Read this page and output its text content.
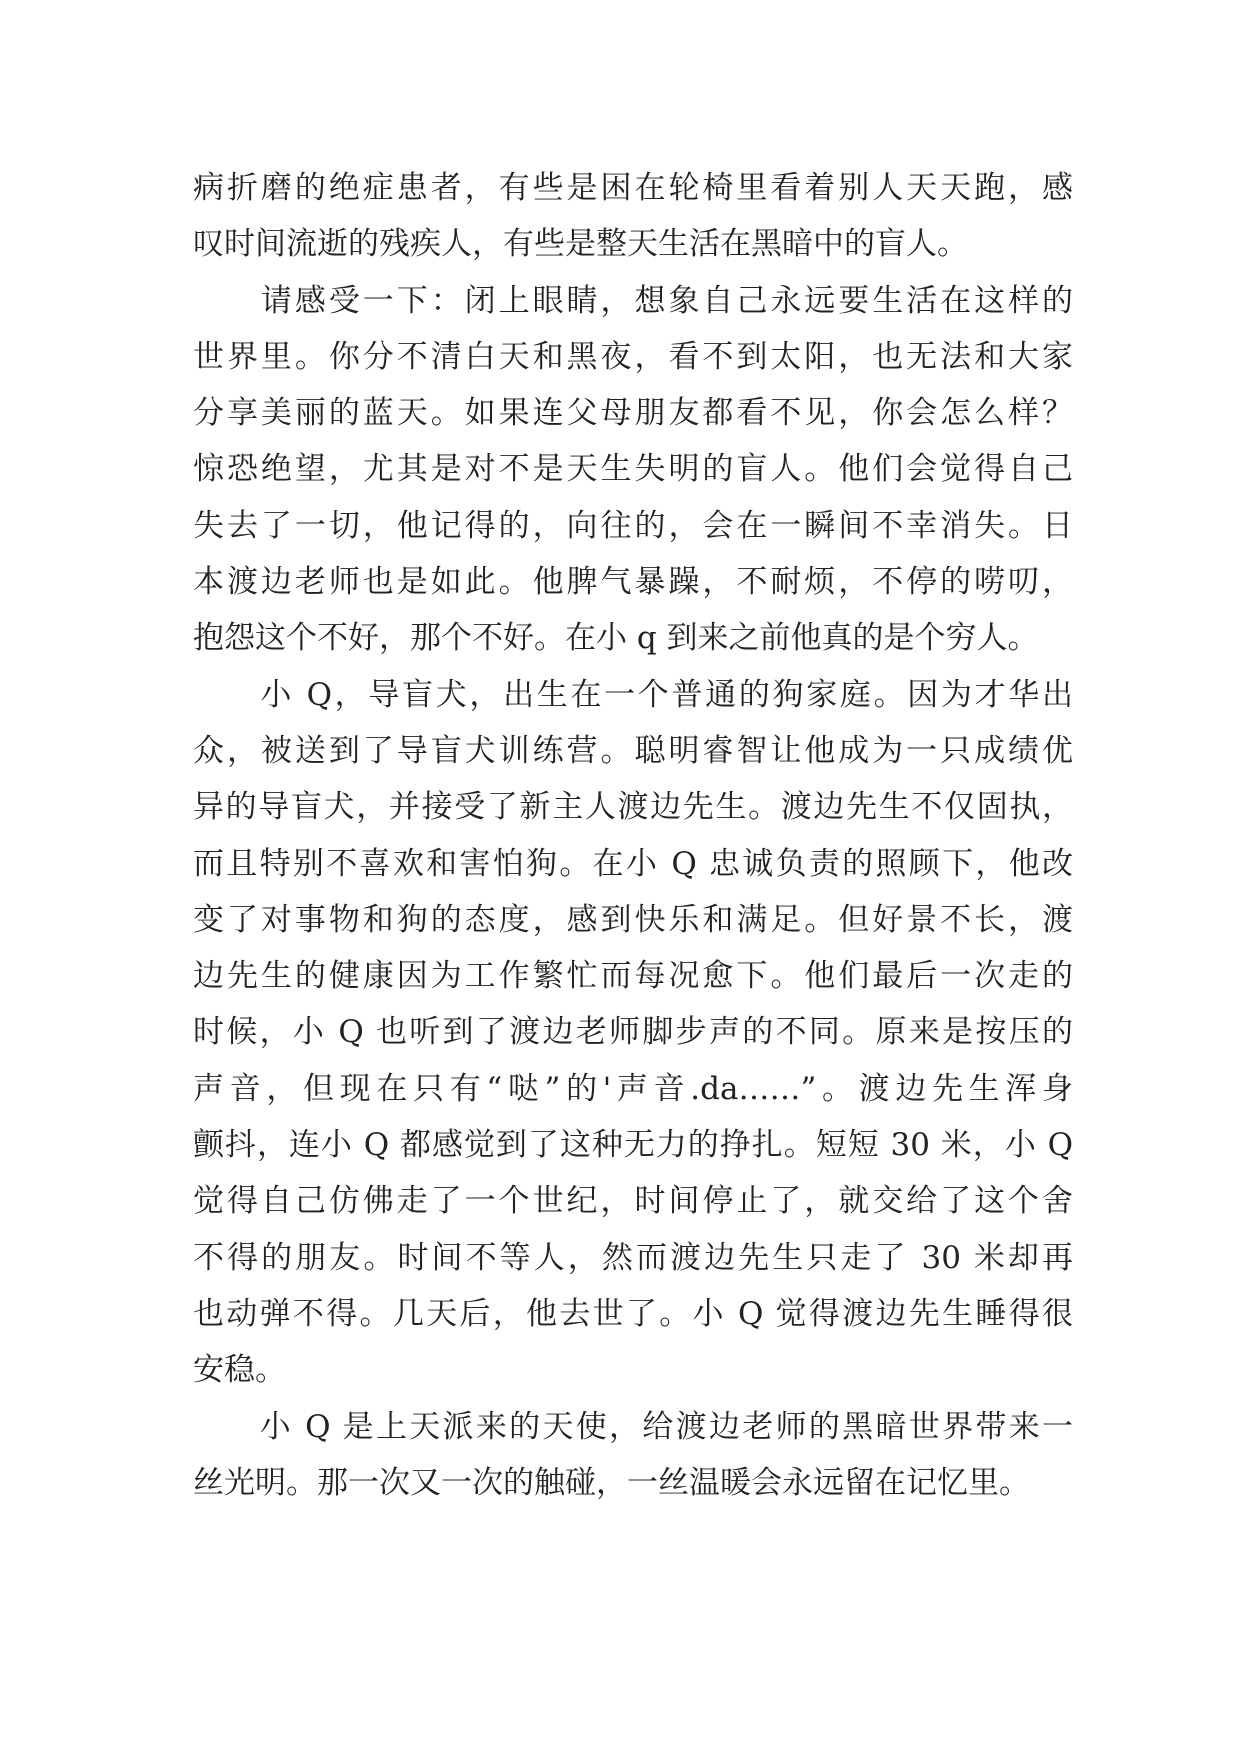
病折磨的绝症患者，有些是困在轮椅里看着别人天天跑，感
叹时间流逝的残疾人，有些是整天生活在黑暗中的盲人。
　　请感受一下：闭上眼睛，想象自己永远要生活在这样的
世界里。你分不清白天和黑夜，看不到太阳，也无法和大家
分享美丽的蓝天。如果连父母朋友都看不见，你会怎么样？
惊恐绝望，尤其是对不是天生失明的盲人。他们会觉得自己
失去了一切，他记得的，向往的，会在一瞬间不幸消失。日
本渡边老师也是如此。他脾气暴躁，不耐烦，不停的唠叨，
抱怨这个不好，那个不好。在小 q 到来之前他真的是个穷人。
　　小 Q，导盲犬，出生在一个普通的狗家庭。因为才华出
众，被送到了导盲犬训练营。聪明睿智让他成为一只成绩优
异的导盲犬，并接受了新主人渡边先生。渡边先生不仅固执，
而且特别不喜欢和害怕狗。在小 Q 忠诚负责的照顾下，他改
变了对事物和狗的态度，感到快乐和满足。但好景不长，渡
边先生的健康因为工作繁忙而每况愈下。他们最后一次走的
时候，小 Q 也听到了渡边老师脚步声的不同。原来是按压的
声音，但现在只有“哒”的'声音.da……”。渡边先生浑身
颤抖，连小 Q 都感觉到了这种无力的挣扎。短短 30 米，小 Q
觉得自己仿佛走了一个世纪，时间停止了，就交给了这个舍
不得的朋友。时间不等人，然而渡边先生只走了 30 米却再
也动弹不得。几天后，他去世了。小 Q 觉得渡边先生睡得很
安稳。
　　小 Q 是上天派来的天使，给渡边老师的黑暗世界带来一
丝光明。那一次又一次的触碰，一丝温暖会永远留在记忆里。
